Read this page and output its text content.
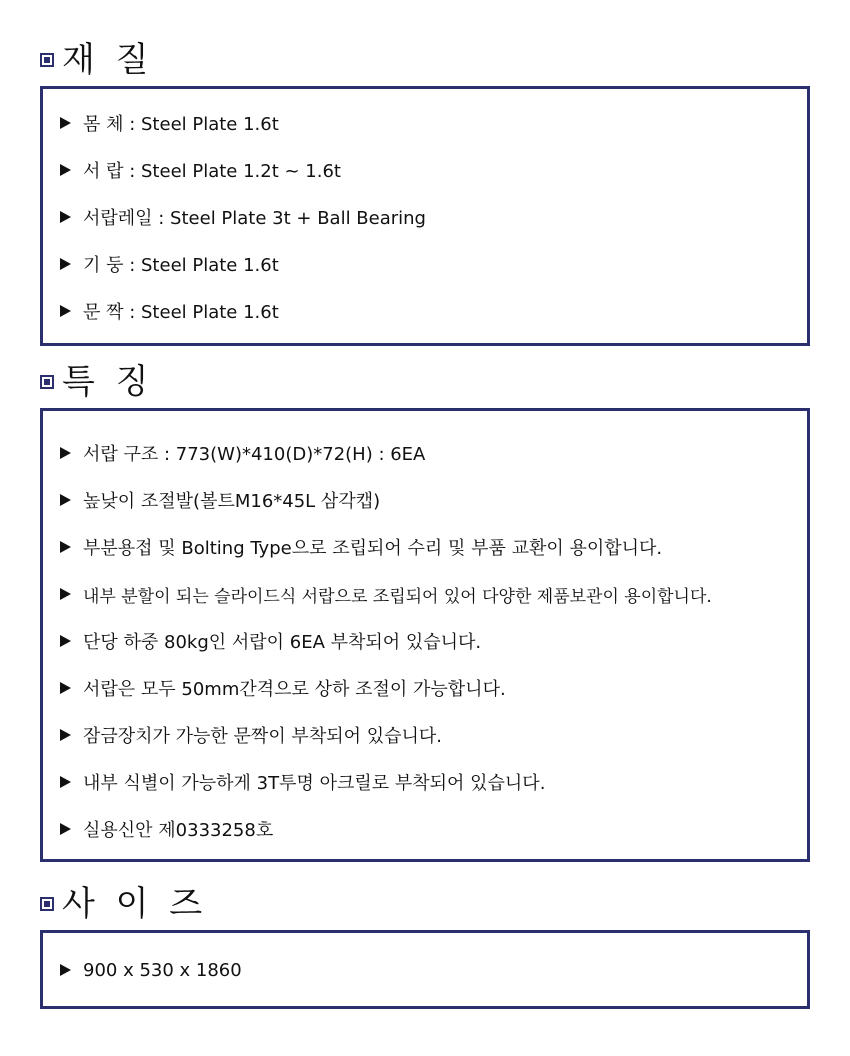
재 질
몸 체 : Steel Plate 1.6t
서 랍 : Steel Plate 1.2t ~ 1.6t
서랍레일 : Steel Plate 3t + Ball Bearing
기 둥 : Steel Plate 1.6t
문 짝 : Steel Plate 1.6t
특 징
서랍 구조 : 773(W)*410(D)*72(H) : 6EA
높낮이 조절발(볼트M16*45L 삼각캡)
부분용접 및 Bolting Type으로 조립되어 수리 및 부품 교환이 용이합니다.
내부 분할이 되는 슬라이드식 서랍으로 조립되어 있어 다양한 제품보관이 용이합니다.
단당 하중 80kg인 서랍이 6EA 부착되어 있습니다.
서랍은 모두 50mm간격으로 상하 조절이 가능합니다.
잠금장치가 가능한 문짝이 부착되어 있습니다.
내부 식별이 가능하게 3T투명 아크릴로 부착되어 있습니다.
실용신안 제0333258호
사 이 즈
900 x 530 x 1860
